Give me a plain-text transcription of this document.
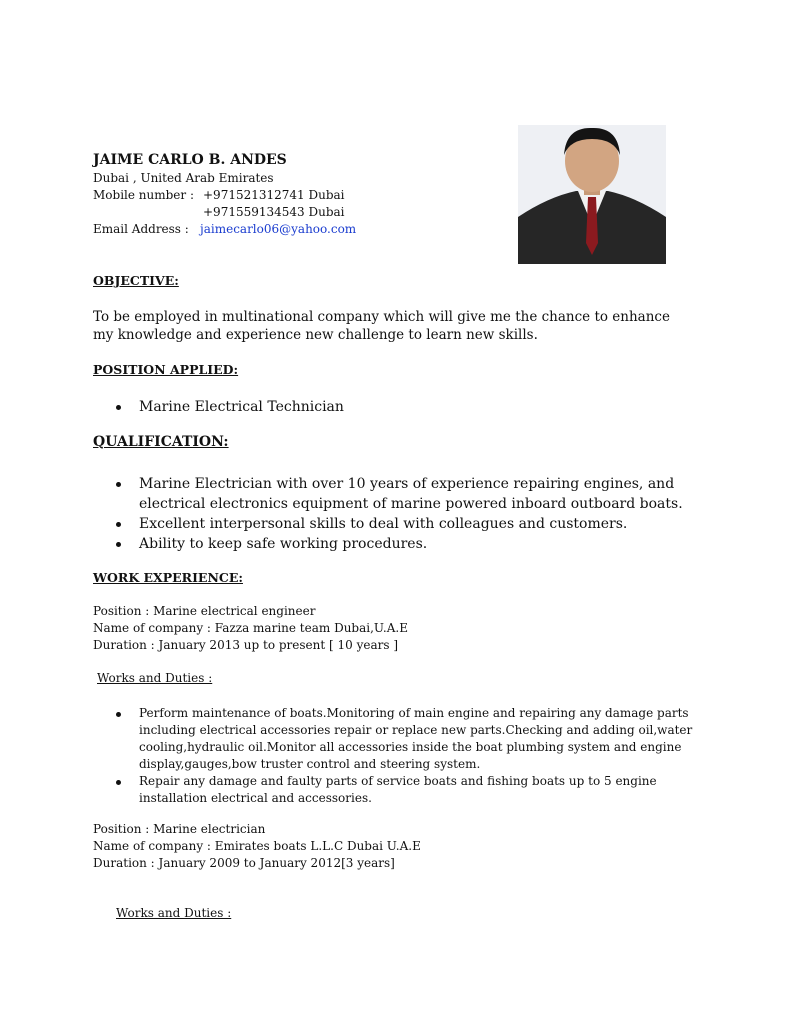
JAIME CARLO B. ANDES
Dubai , United Arab Emirates
Mobile number : +971521312741 Dubai
+971559134543 Dubai
Email Address : jaimecarlo06@yahoo.com
OBJECTIVE:
To be employed in multinational company which will give me the chance to enhance my knowledge and experience new challenge to learn new skills.
POSITION APPLIED:
Marine Electrical Technician
QUALIFICATION:
Marine Electrician with over 10 years of experience repairing engines, and electrical electronics equipment of marine powered inboard outboard boats.
Excellent interpersonal skills to deal with colleagues and customers.
Ability to keep safe working procedures.
WORK EXPERIENCE:
Position : Marine electrical engineer
Name of company : Fazza marine team Dubai,U.A.E
Duration : January 2013 up to present [ 10 years ]
Works and Duties :
Perform maintenance of boats.Monitoring of main engine and repairing any damage parts including electrical accessories repair or replace new parts.Checking and adding oil,water cooling,hydraulic oil.Monitor all accessories inside the boat plumbing system and engine display,gauges,bow truster control and steering system.
Repair any damage and faulty parts of service boats and fishing boats up to 5 engine installation electrical and accessories.
Position : Marine electrician
Name of company : Emirates boats L.L.C Dubai U.A.E
Duration : January 2009 to January 2012[3 years]
Works and Duties :
